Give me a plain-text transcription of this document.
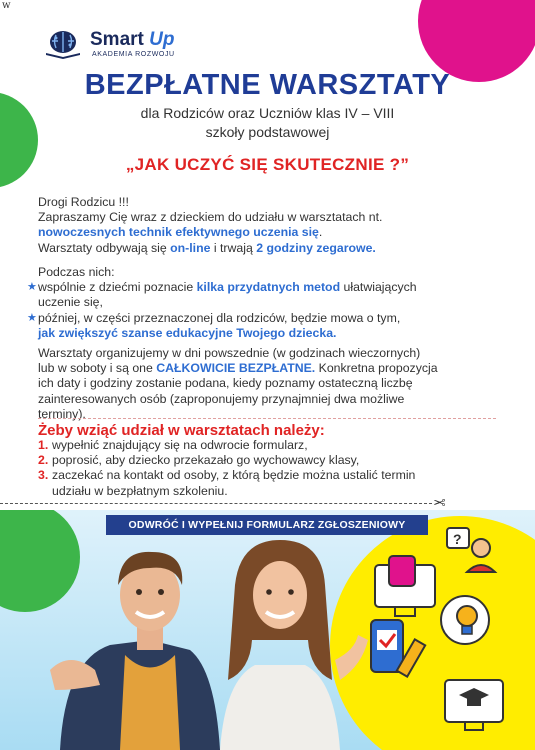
w
Smart Up
AKADEMIA ROZWOJU
BEZPŁATNE WARSZTATY
dla Rodziców oraz Uczniów klas IV – VIII
szkoły podstawowej
„JAK UCZYĆ SIĘ SKUTECZNIE ?”
Drogi Rodzicu !!!
Zapraszamy Cię wraz z dzieckiem do udziału w warsztatach nt.
nowoczesnych technik efektywnego uczenia się.
Warsztaty odbywają się on-line i trwają 2 godziny zegarowe.
Podczas nich:
★ wspólnie z dziećmi poznacie kilka przydatnych metod ułatwiających
uczenie się,
★ później, w części przeznaczonej dla rodziców, będzie mowa o tym,
jak zwiększyć szanse edukacyjne Twojego dziecka.
Warsztaty organizujemy w dni powszednie (w godzinach wieczornych)
lub w soboty i są one CAŁKOWICIE BEZPŁATNE. Konkretna propozycja
ich daty i godziny zostanie podana, kiedy poznamy ostateczną liczbę
zainteresowanych osób (zaproponujemy przynajmniej dwa możliwe
terminy).
Żeby wziąć udział w warsztatach należy:
1. wypełnić znajdujący się na odwrocie formularz,
2. poprosić, aby dziecko przekazało go wychowawcy klasy,
3. zaczekać na kontakt od osoby, z którą będzie można ustalić termin
udziału w bezpłatnym szkoleniu.
✂
ODWRÓĆ I WYPEŁNIJ FORMULARZ ZGŁOSZENIOWY
?
